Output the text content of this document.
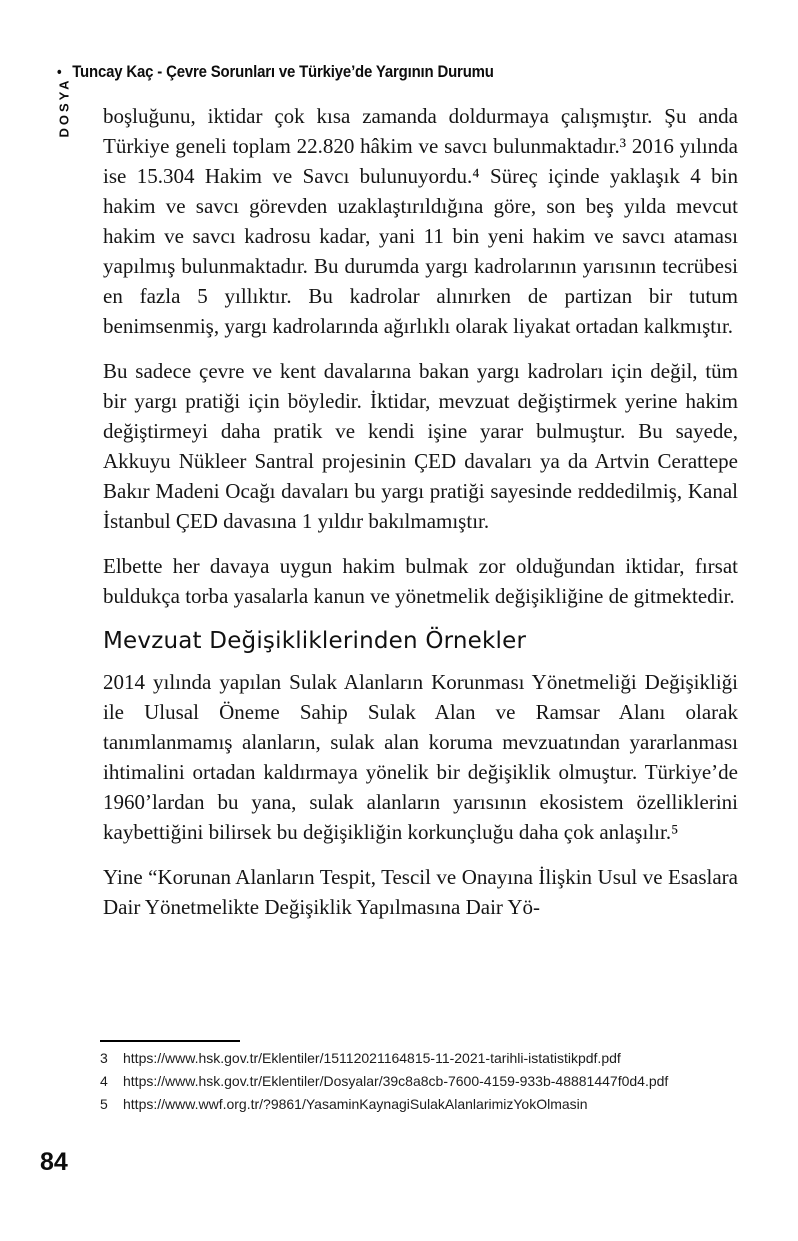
• Tuncay Kaç - Çevre Sorunları ve Türkiye’de Yargının Durumu
DOSYA boşluğunu, iktidar çok kısa zamanda doldurmaya çalışmıştır. Şu anda Türkiye geneli toplam 22.820 hâkim ve savcı bulunmaktadır.³ 2016 yılında ise 15.304 Hakim ve Savcı bulunuyordu.⁴ Süreç içinde yaklaşık 4 bin hakim ve savcı görevden uzaklaştırıldığına göre, son beş yılda mevcut hakim ve savcı kadrosu kadar, yani 11 bin yeni hakim ve savcı ataması yapılmış bulunmaktadır. Bu durumda yargı kadrolarının yarısının tecrübesi en fazla 5 yıllıktır. Bu kadrolar alınırken de partizan bir tutum benimsenmiş, yargı kadrolarında ağırlıklı olarak liyakat ortadan kalkmıştır.

Bu sadece çevre ve kent davalarına bakan yargı kadroları için değil, tüm bir yargı pratiği için böyledir. İktidar, mevzuat değiştirmek yerine hakim değiştirmeyi daha pratik ve kendi işine yarar bulmuştur. Bu sayede, Akkuyu Nükleer Santral projesinin ÇED davaları ya da Artvin Cerattepe Bakır Madeni Ocağı davaları bu yargı pratiği sayesinde reddedilmiş, Kanal İstanbul ÇED davasına 1 yıldır bakılmamıştır.

Elbette her davaya uygun hakim bulmak zor olduğundan iktidar, fırsat buldukça torba yasalarla kanun ve yönetmelik değişikliğine de gitmektedir.

Mevzuat Değişikliklerinden Örnekler

2014 yılında yapılan Sulak Alanların Korunması Yönetmeliği Değişikliği ile Ulusal Öneme Sahip Sulak Alan ve Ramsar Alanı olarak tanımlanmamış alanların, sulak alan koruma mevzuatından yararlanması ihtimalini ortadan kaldırmaya yönelik bir değişiklik olmuştur. Türkiye’de 1960’lardan bu yana, sulak alanların yarısının ekosistem özelliklerini kaybettiğini bilirsek bu değişikliğin korkunçluğu daha çok anlaşılır.⁵

Yine “Korunan Alanların Tespit, Tescil ve Onayına İlişkin Usul ve Esaslara Dair Yönetmelikte Değişiklik Yapılmasına Dair Yö-

3 https://www.hsk.gov.tr/Eklentiler/15112021164815-11-2021-tarihli-istatistikpdf.pdf
4 https://www.hsk.gov.tr/Eklentiler/Dosyalar/39c8a8cb-7600-4159-933b-48881447f0d4.pdf
5 https://www.wwf.org.tr/?9861/YasaminKaynagiSulakAlanlarimizYokOlmasin
84
